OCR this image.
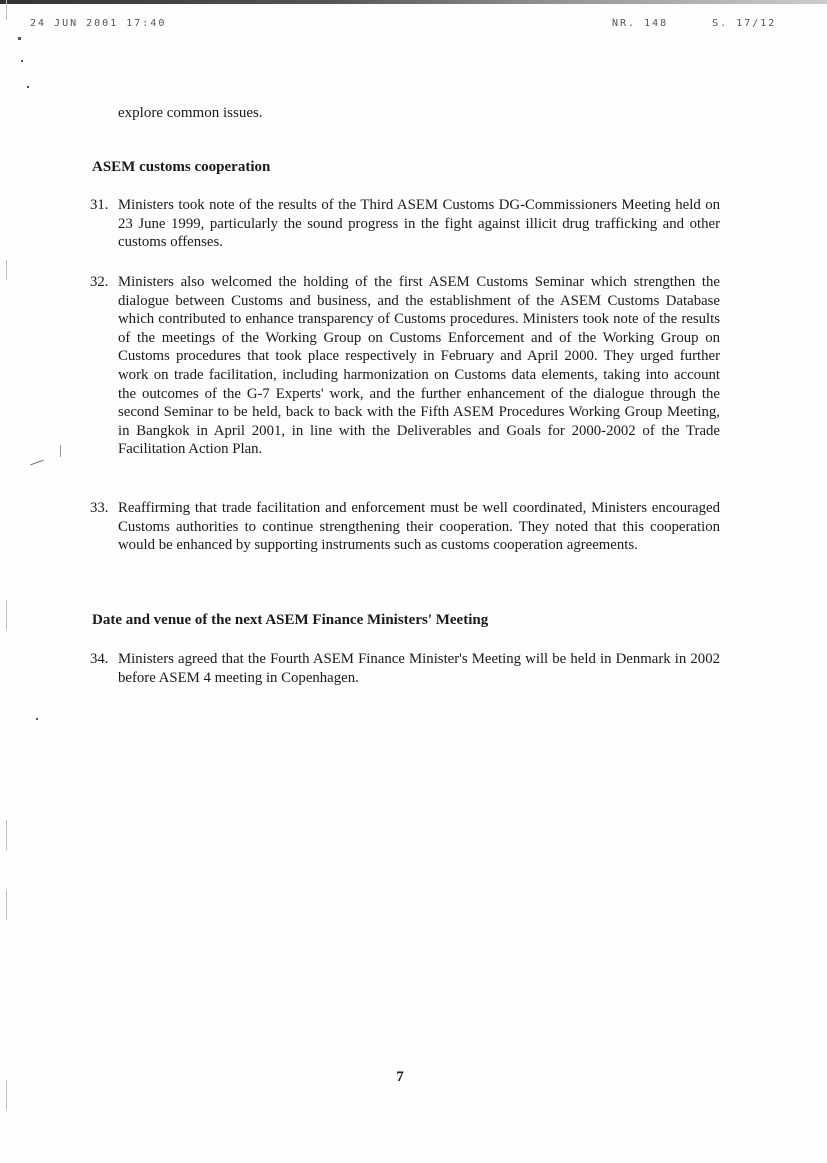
24 JUN 2001 17:40	NR. 148	S. 17/12
explore common issues.
ASEM customs cooperation
31. Ministers took note of the results of the Third ASEM Customs DG-Commissioners Meeting held on 23 June 1999, particularly the sound progress in the fight against illicit drug trafficking and other customs offenses.
32. Ministers also welcomed the holding of the first ASEM Customs Seminar which strengthen the dialogue between Customs and business, and the establishment of the ASEM Customs Database which contributed to enhance transparency of Customs procedures. Ministers took note of the results of the meetings of the Working Group on Customs Enforcement and of the Working Group on Customs procedures that took place respectively in February and April 2000. They urged further work on trade facilitation, including harmonization on Customs data elements, taking into account the outcomes of the G-7 Experts' work, and the further enhancement of the dialogue through the second Seminar to be held, back to back with the Fifth ASEM Procedures Working Group Meeting, in Bangkok in April 2001, in line with the Deliverables and Goals for 2000-2002 of the Trade Facilitation Action Plan.
33. Reaffirming that trade facilitation and enforcement must be well coordinated, Ministers encouraged Customs authorities to continue strengthening their cooperation. They noted that this cooperation would be enhanced by supporting instruments such as customs cooperation agreements.
Date and venue of the next ASEM Finance Ministers' Meeting
34. Ministers agreed that the Fourth ASEM Finance Minister's Meeting will be held in Denmark in 2002 before ASEM 4 meeting in Copenhagen.
7
